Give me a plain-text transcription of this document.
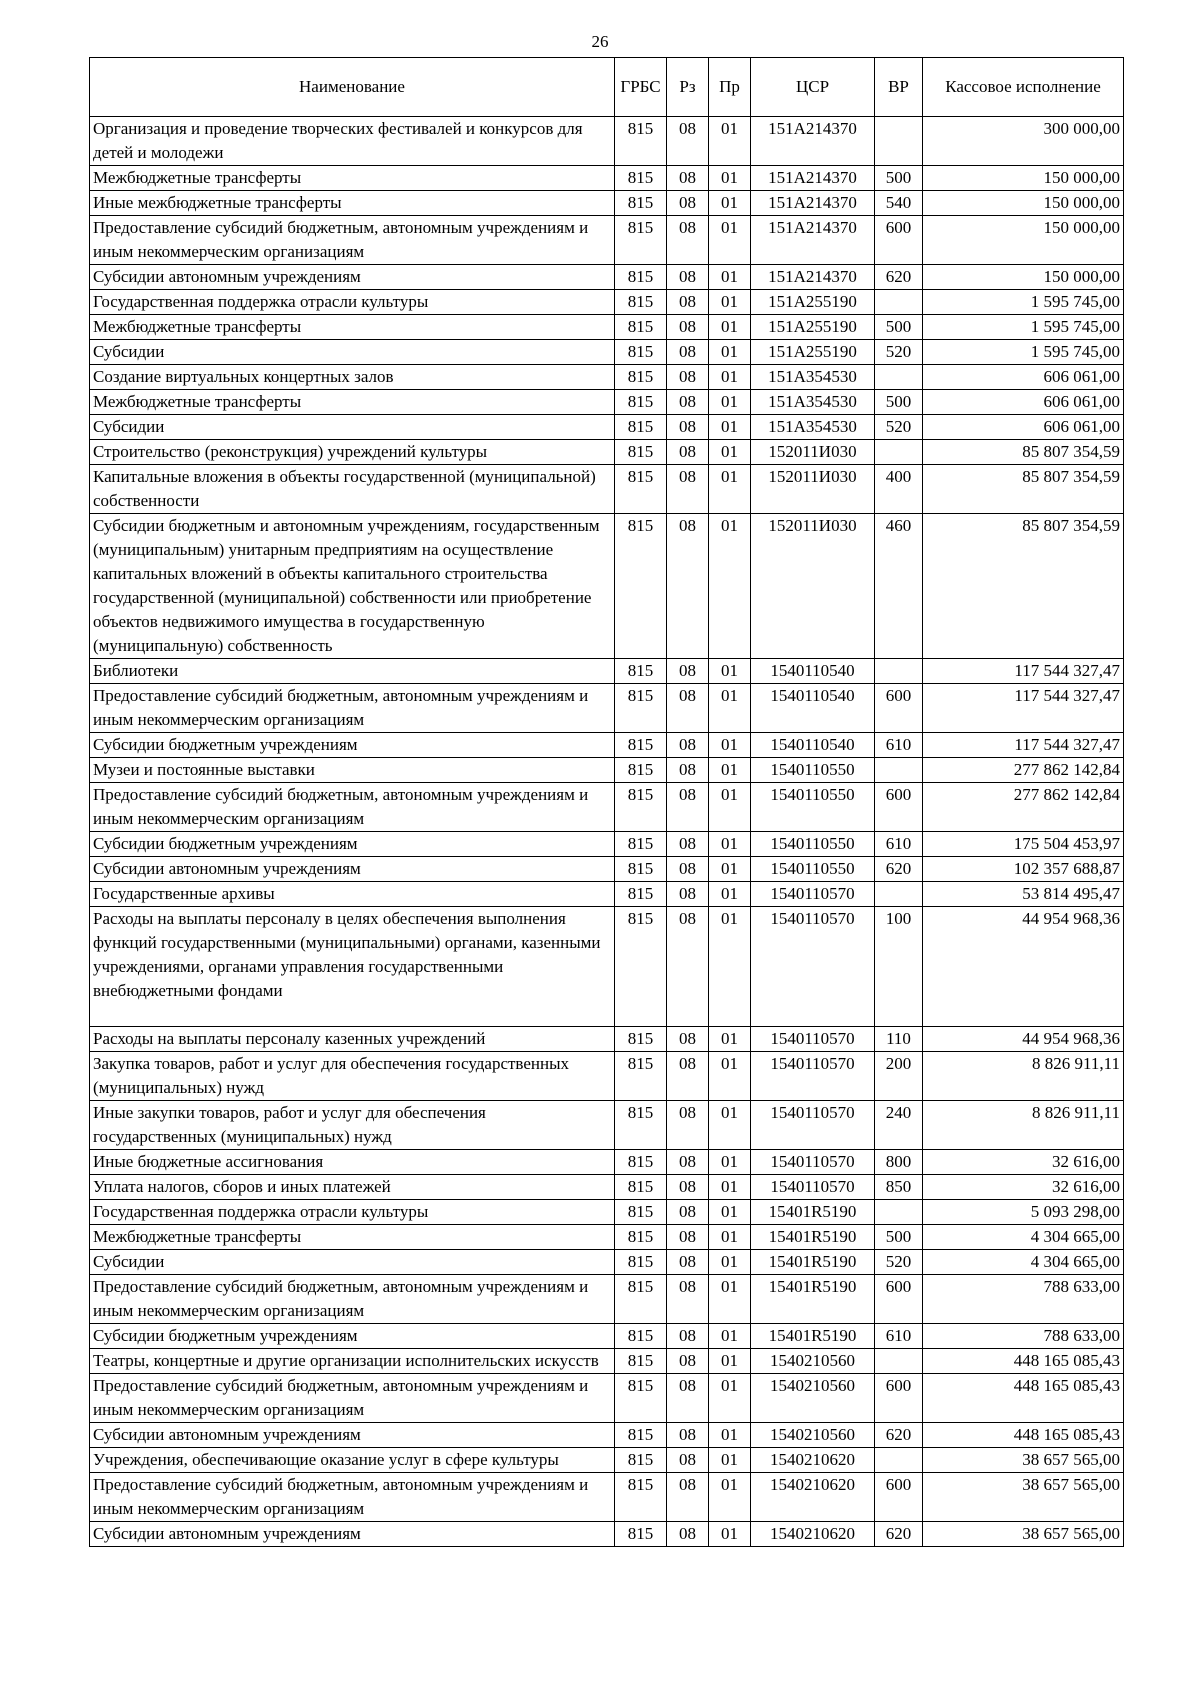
26
Наименование	ГРБС	Рз	Пр	ЦСР	ВР	Кассовое исполнение
Организация и проведение творческих фестивалей и конкурсов для детей и молодежи	815	08	01	151A214370		300 000,00
Межбюджетные трансферты	815	08	01	151A214370	500	150 000,00
Иные межбюджетные трансферты	815	08	01	151A214370	540	150 000,00
Предоставление субсидий бюджетным, автономным учреждениям и иным некоммерческим организациям	815	08	01	151A214370	600	150 000,00
Субсидии автономным учреждениям	815	08	01	151A214370	620	150 000,00
Государственная поддержка отрасли культуры	815	08	01	151A255190		1 595 745,00
Межбюджетные трансферты	815	08	01	151A255190	500	1 595 745,00
Субсидии	815	08	01	151A255190	520	1 595 745,00
Создание виртуальных концертных залов	815	08	01	151A354530		606 061,00
Межбюджетные трансферты	815	08	01	151A354530	500	606 061,00
Субсидии	815	08	01	151A354530	520	606 061,00
Строительство (реконструкция) учреждений культуры	815	08	01	152011И030		85 807 354,59
Капитальные вложения в объекты государственной (муниципальной) собственности	815	08	01	152011И030	400	85 807 354,59
Субсидии бюджетным и автономным учреждениям, государственным (муниципальным) унитарным предприятиям на осуществление капитальных вложений в объекты капитального строительства государственной (муниципальной) собственности или приобретение объектов недвижимого имущества в государственную (муниципальную) собственность	815	08	01	152011И030	460	85 807 354,59
Библиотеки	815	08	01	1540110540		117 544 327,47
Предоставление субсидий бюджетным, автономным учреждениям и иным некоммерческим организациям	815	08	01	1540110540	600	117 544 327,47
Субсидии бюджетным учреждениям	815	08	01	1540110540	610	117 544 327,47
Музеи и постоянные выставки	815	08	01	1540110550		277 862 142,84
Предоставление субсидий бюджетным, автономным учреждениям и иным некоммерческим организациям	815	08	01	1540110550	600	277 862 142,84
Субсидии бюджетным учреждениям	815	08	01	1540110550	610	175 504 453,97
Субсидии автономным учреждениям	815	08	01	1540110550	620	102 357 688,87
Государственные архивы	815	08	01	1540110570		53 814 495,47
Расходы на выплаты персоналу в целях обеспечения выполнения функций государственными (муниципальными) органами, казенными учреждениями, органами управления государственными внебюджетными фондами	815	08	01	1540110570	100	44 954 968,36
Расходы на выплаты персоналу казенных учреждений	815	08	01	1540110570	110	44 954 968,36
Закупка товаров, работ и услуг для обеспечения государственных (муниципальных) нужд	815	08	01	1540110570	200	8 826 911,11
Иные закупки товаров, работ и услуг для обеспечения государственных (муниципальных) нужд	815	08	01	1540110570	240	8 826 911,11
Иные бюджетные ассигнования	815	08	01	1540110570	800	32 616,00
Уплата налогов, сборов и иных платежей	815	08	01	1540110570	850	32 616,00
Государственная поддержка отрасли культуры	815	08	01	15401R5190		5 093 298,00
Межбюджетные трансферты	815	08	01	15401R5190	500	4 304 665,00
Субсидии	815	08	01	15401R5190	520	4 304 665,00
Предоставление субсидий бюджетным, автономным учреждениям и иным некоммерческим организациям	815	08	01	15401R5190	600	788 633,00
Субсидии бюджетным учреждениям	815	08	01	15401R5190	610	788 633,00
Театры, концертные и другие организации исполнительских искусств	815	08	01	1540210560		448 165 085,43
Предоставление субсидий бюджетным, автономным учреждениям и иным некоммерческим организациям	815	08	01	1540210560	600	448 165 085,43
Субсидии автономным учреждениям	815	08	01	1540210560	620	448 165 085,43
Учреждения, обеспечивающие оказание услуг в сфере культуры	815	08	01	1540210620		38 657 565,00
Предоставление субсидий бюджетным, автономным учреждениям и иным некоммерческим организациям	815	08	01	1540210620	600	38 657 565,00
Субсидии автономным учреждениям	815	08	01	1540210620	620	38 657 565,00
